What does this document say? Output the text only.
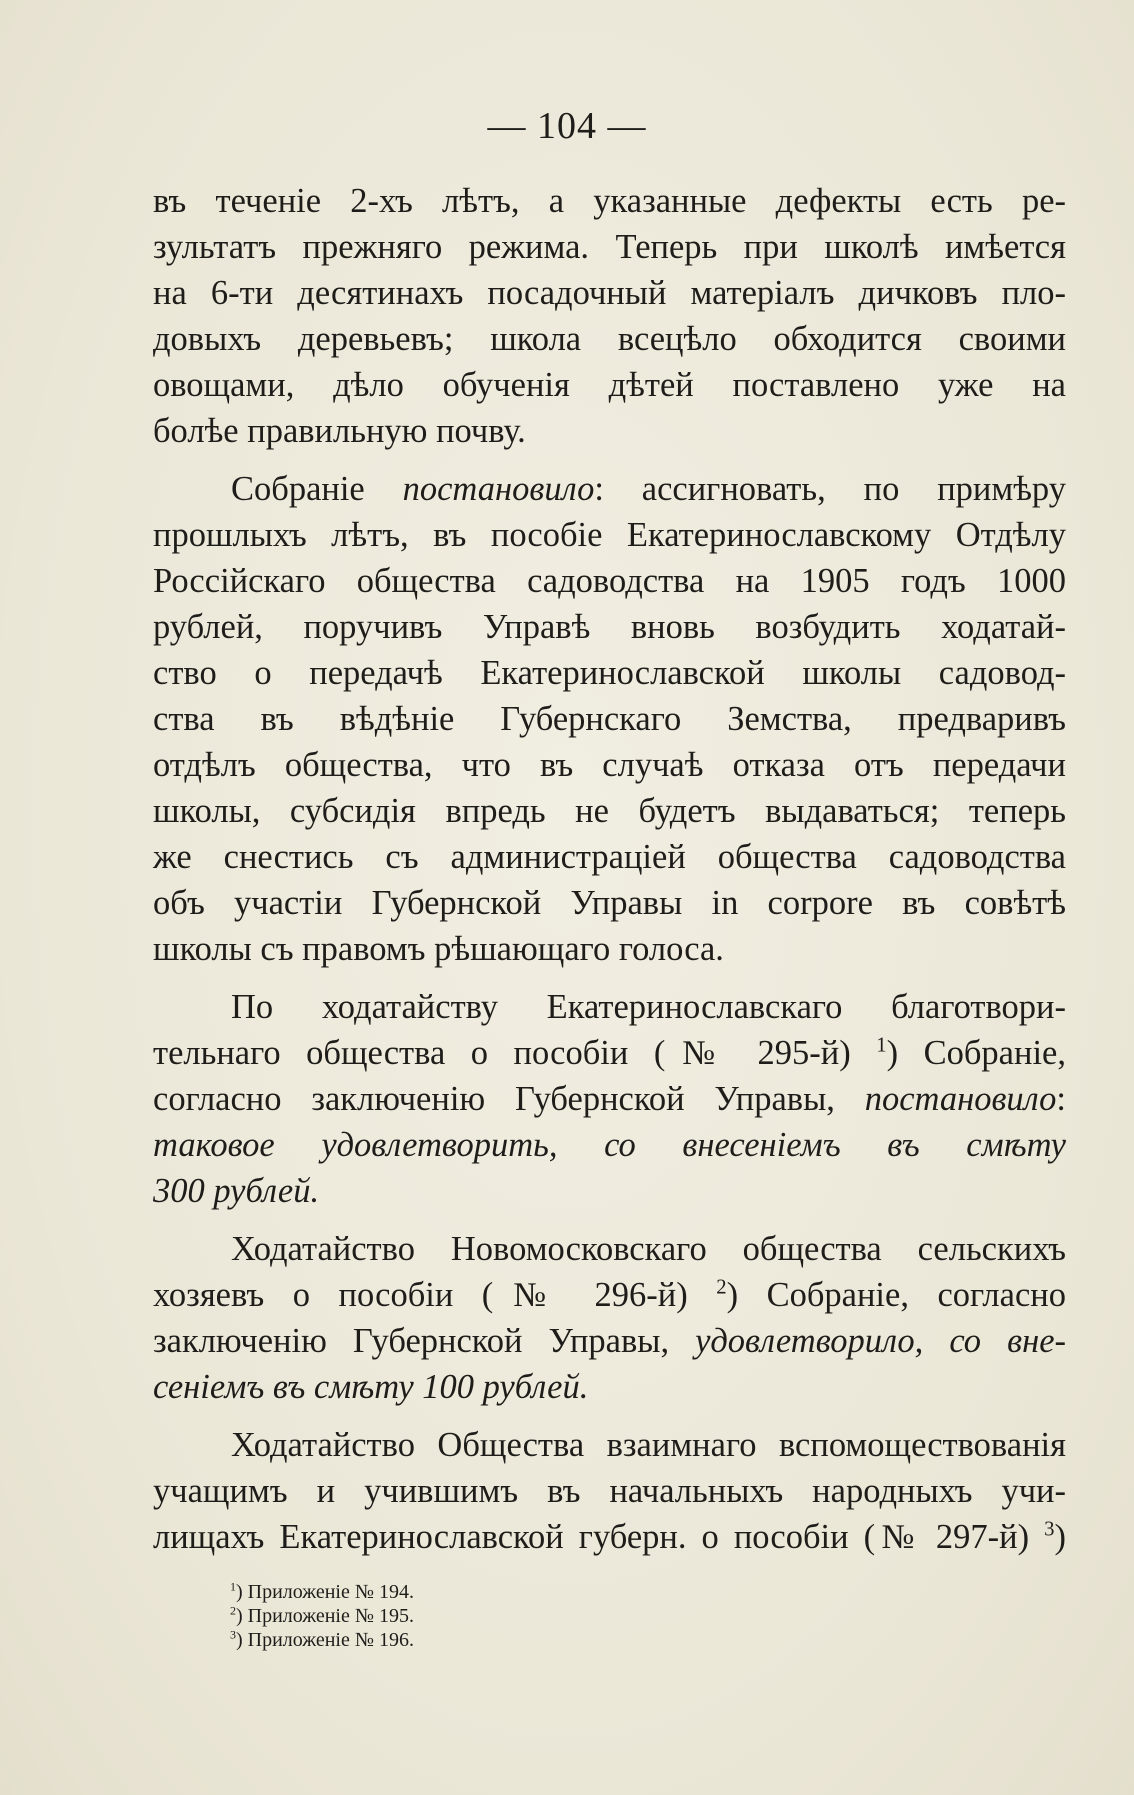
— 104 —
въ теченіе 2-хъ лѣтъ, а указанные дефекты есть ре-
зультатъ прежняго режима. Теперь при школѣ имѣется
на 6-ти десятинахъ посадочный матеріалъ дичковъ пло-
довыхъ деревьевъ; школа всецѣло обходится своими
овощами, дѣло обученія дѣтей поставлено уже на
болѣе правильную почву.
Собраніе постановило: ассигновать, по примѣру
прошлыхъ лѣтъ, въ пособіе Екатеринославскому Отдѣлу
Россійскаго общества садоводства на 1905 годъ 1000
рублей, поручивъ Управѣ вновь возбудить ходатай-
ство о передачѣ Екатеринославской школы садовод-
ства въ вѣдѣніе Губернскаго Земства, предваривъ
отдѣлъ общества, что въ случаѣ отказа отъ передачи
школы, субсидія впредь не будетъ выдаваться; теперь
же снестись съ администраціей общества садоводства
объ участіи Губернской Управы in corpore въ совѣтѣ
школы съ правомъ рѣшающаго голоса.
По ходатайству Екатеринославскаго благотвори-
тельнаго общества о пособіи (№ 295-й) $^1$) Собраніе,
согласно заключенію Губернской Управы, постановило:
таковое удовлетворить, со внесеніемъ въ смѣту
300 рублей.
Ходатайство Новомосковскаго общества сельскихъ
хозяевъ о пособіи (№ 296-й) $^2$) Собраніе, согласно
заключенію Губернской Управы, удовлетворило, со вне-
сеніемъ въ смѣту 100 рублей.
Ходатайство Общества взаимнаго вспомоществованія
учащимъ и учившимъ въ начальныхъ народныхъ учи-
лищахъ Екатеринославской губерн. о пособіи (№ 297-й) $^3$)
$^1$) Приложеніе № 194.
$^2$) Приложеніе № 195.
$^3$) Приложеніе № 196.
